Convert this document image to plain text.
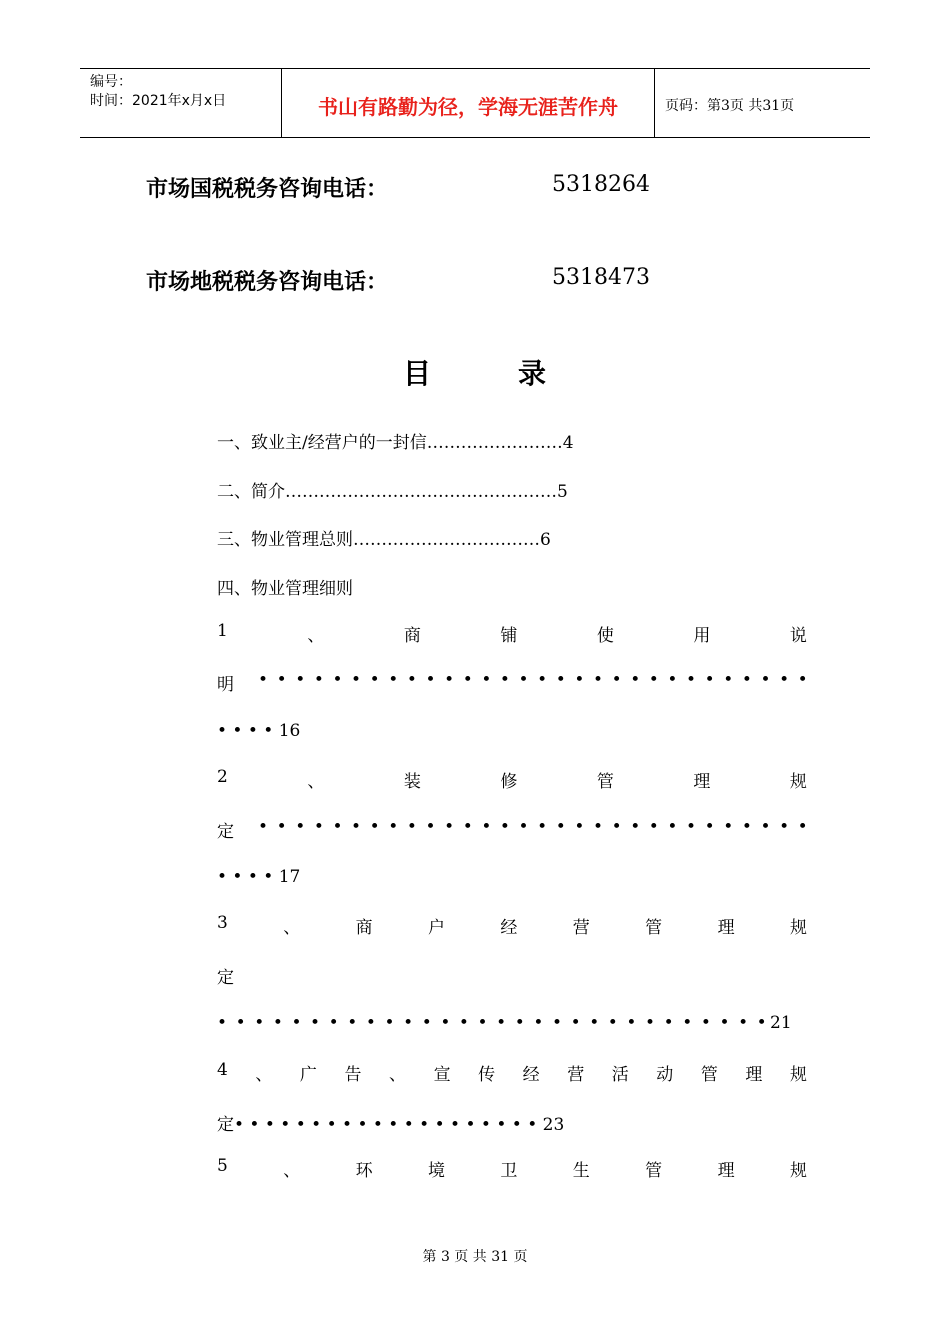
编号：
时间：2021年x月x日	书山有路勤为径，学海无涯苦作舟	页码：第3页 共31页
市场国税税务咨询电话：	5318264
市场地税税务咨询电话：	5318473
目	录
一、致业主/经营户的一封信……………………4
二、简介…………………………………………5
三、物业管理总则……………………………6
四、物业管理细则
1	、	商	铺	使	用	说
明 • • • • • • • • • • • • • • • • • • • • • • • • • • • • • •
• • • • 16
2	、	装	修	管	理	规
定 • • • • • • • • • • • • • • • • • • • • • • • • • • • • • •
• • • • 17
3	、	商	户	经	营	管	理	规
定
• • • • • • • • • • • • • • • • • • • • • • • • • • • • • • 21
4 、 广 告 、 宣 传 经 营 活 动 管 理 规
定• • • • • • • • • • • • • • • • • • • • 23
5	、	环	境	卫	生	管	理	规
第 3 页 共 31 页
